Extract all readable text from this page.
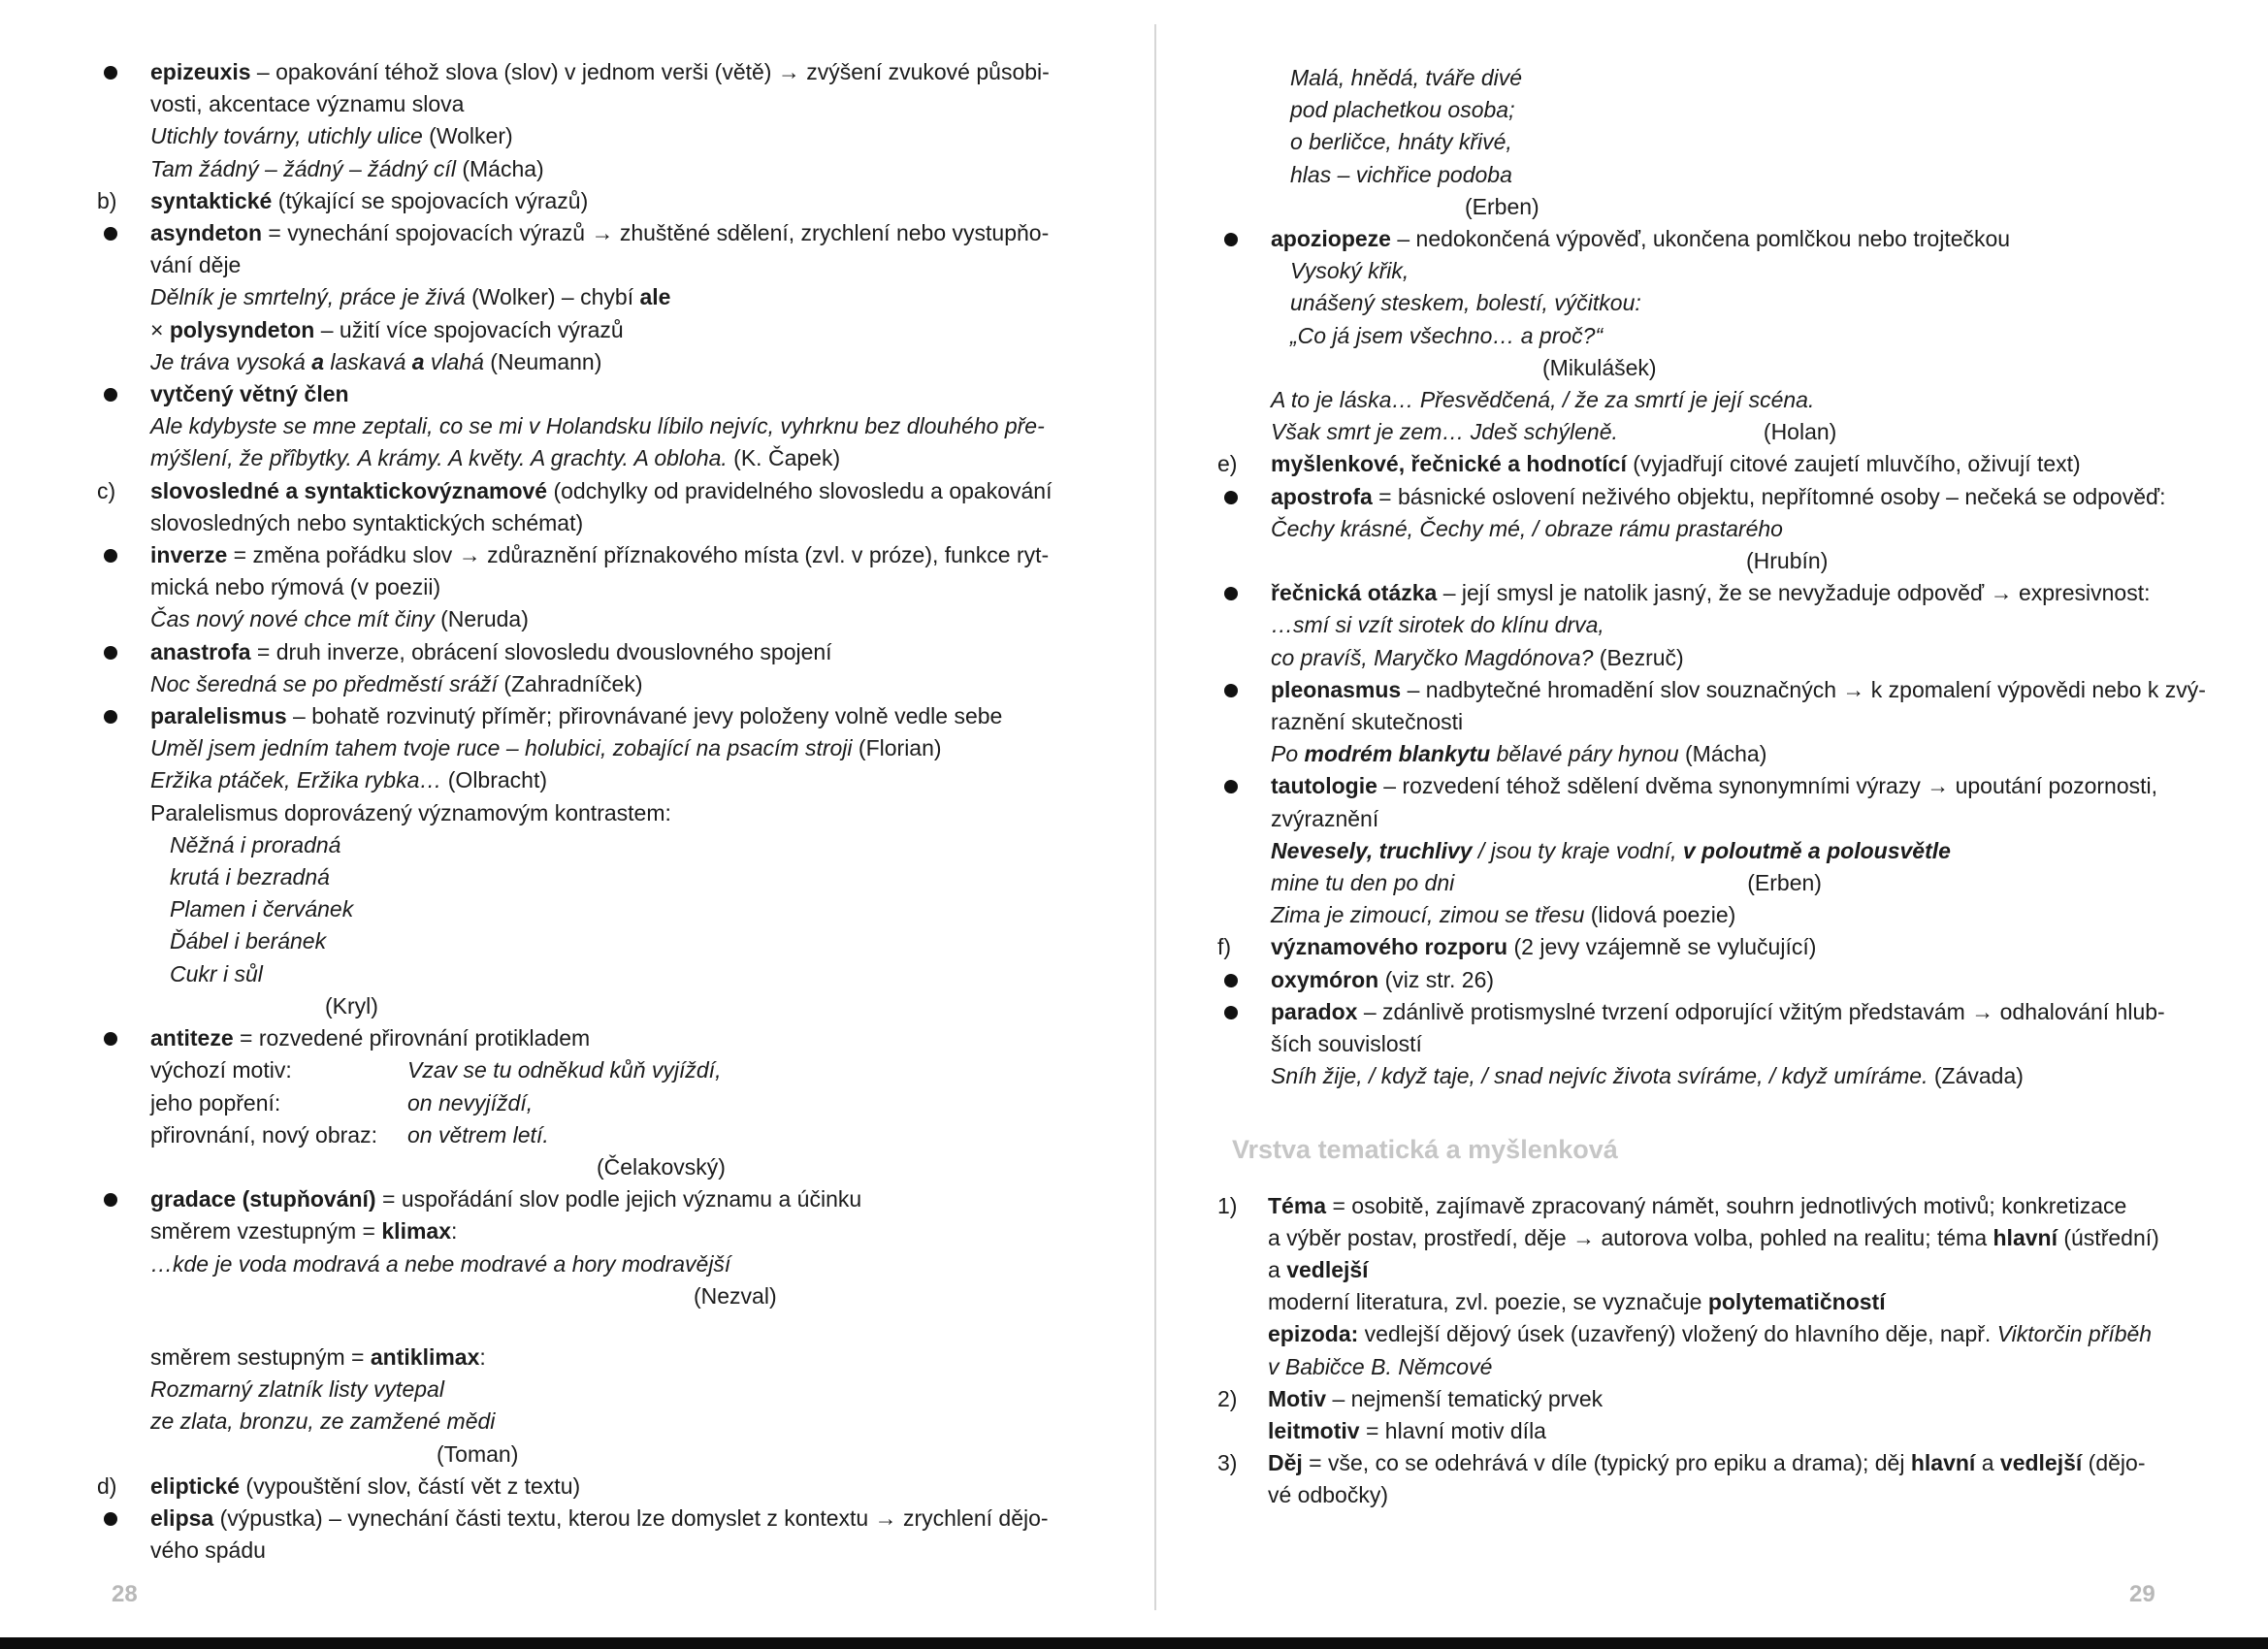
epizeuxis – opakování téhož slova (slov) v jednom verši (větě) → zvýšení zvukové působi-
vosti, akcentace významu slova
Utichly továrny, utichly ulice (Wolker)
Tam žádný – žádný – žádný cíl (Mácha)
b)	syntaktické (týkající se spojovacích výrazů)
asyndeton = vynechání spojovacích výrazů → zhuštěné sdělení, zrychlení nebo vystupňo-
vání děje
Dělník je smrtelný, práce je živá (Wolker) – chybí ale
× polysyndeton – užití více spojovacích výrazů
Je tráva vysoká a laskavá a vlahá (Neumann)
vytčený větný člen
Ale kdybyste se mne zeptali, co se mi v Holandsku líbilo nejvíc, vyhrknu bez dlouhého pře-
mýšlení, že přîbytky. A krámy. A květy. A grachty. A obloha. (K. Čapek)
c)	slovosledné a syntaktickovýznamové (odchylky od pravidelného slovosledu a opakování
slovosledných nebo syntaktických schémat)
inverze = změna pořádku slov → zdůraznění příznakového místa (zvl. v próze), funkce ryt-
mická nebo rýmová (v poezii)
Čas nový nové chce mít činy (Neruda)
anastrofa = druh inverze, obrácení slovosledu dvouslovného spojení
Noc šeredná se po předměstí sráží (Zahradníček)
paralelismus – bohatě rozvinutý příměr; přirovnávané jevy položeny volně vedle sebe
Uměl jsem jedním tahem tvoje ruce – holubici, zobající na psacím stroji (Florian)
Eržika ptáček, Eržika rybka… (Olbracht)
Paralelismus doprovázený významovým kontrastem:
Něžná i proradná
krutá i bezradná
Plamen i červánek
Ďábel i beránek
Cukr i sůl
(Kryl)
antiteze = rozvedené přirovnání protikladem
výchozí motiv:	Vzav se tu odněkud kůň vyjíždí,
jeho popření:	on nevyjíždí,
přirovnání, nový obraz: on větrem letí.
(Čelakovský)
gradace (stupňování) = uspořádání slov podle jejich významu a účinku
směrem vzestupným = klimax:
…kde je voda modravá a nebe modravé a hory modravější
(Nezval)
směrem sestupným = antiklimax:
Rozmarný zlatník listy vytepal
ze zlata, bronzu, ze zamžené mědi
(Toman)
d)	eliptické (vypouštění slov, částí vět z textu)
elipsa (výpustka) – vynechání části textu, kterou lze domyslet z kontextu → zrychlení dějo-
vého spádu
28
Malá, hnědá, tváře divé
pod plachetkou osoba;
o berličce, hnáty křivé,
hlas – vichřice podoba
(Erben)
apoziopeze – nedokončená výpověď, ukončena pomlčkou nebo trojtečkou
Vysoký křik,
unášený steskem, bolestí, výčitkou:
„Co já jsem všechno… a proč?“
(Mikulášek)
A to je láska… Přesvědčená, / že za smrtí je její scéna.
Však smrt je zem… Jdeš schýleně.	(Holan)
e)	myšlenkové, řečnické a hodnotící (vyjadřují citové zaujetí mluvčího, oživují text)
apostrofa = básnické oslovení neživého objektu, nepřítomné osoby – nečeká se odpověď:
Čechy krásné, Čechy mé, / obraze rámu prastarého
(Hrubín)
řečnická otázka – její smysl je natolik jasný, že se nevyžaduje odpověď → expresivnost:
…smí si vzít sirotek do klínu drva,
co pravíš, Maryčko Magdónova? (Bezruč)
pleonasmus – nadbytečné hromadění slov souznačných → k zpomalení výpovědi nebo k zvý-
raznění skutečnosti
Po modrém blankytu bělavé páry hynou (Mácha)
tautologie – rozvedení téhož sdělení dvěma synonymními výrazy → upoutání pozornosti,
zvýraznění
Nevesely, truchlivy / jsou ty kraje vodní, v poloutmě a polousvětle
mine tu den po dni	(Erben)
Zima je zimoucí, zimou se třesu (lidová poezie)
f)	významového rozporu (2 jevy vzájemně se vylučující)
oxymóron (viz str. 26)
paradox – zdánlivě protismyslné tvrzení odporující vžitým představám → odhalování hlub-
ších souvislostí
Sníh žije, / když taje, / snad nejvíc života svíráme, / když umíráme. (Závada)
Vrstva tematická a myšlenková
1)	Téma = osobitě, zajímavě zpracovaný námět, souhrn jednotlivých motivů; konkretizace
a výběr postav, prostředí, děje → autorova volba, pohled na realitu; téma hlavní (ústřední)
a vedlejší
moderní literatura, zvl. poezie, se vyznačuje polytematičností
epizoda: vedlejší dějový úsek (uzavřený) vložený do hlavního děje, např. Viktorčin příběh
v Babičce B. Němcové
2)	Motiv – nejmenší tematický prvek
leitmotiv = hlavní motiv díla
3)	Děj = vše, co se odehrává v díle (typický pro epiku a drama); děj hlavní a vedlejší (dějo-
vé odbočky)
29
